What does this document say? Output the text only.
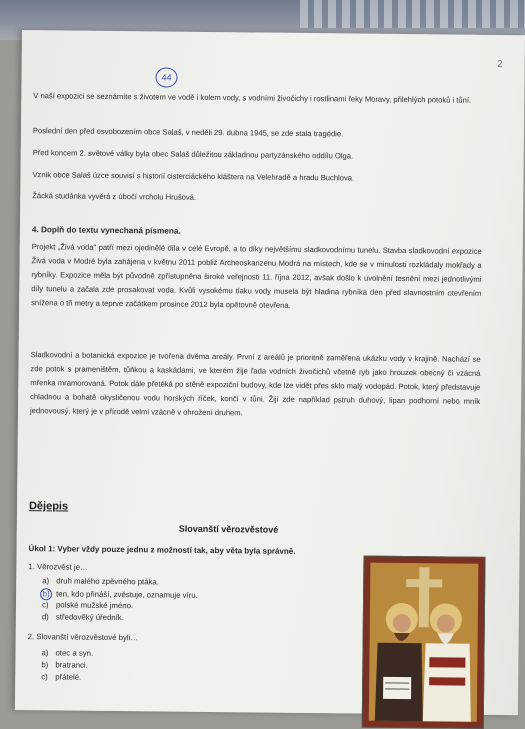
44
2

V naší expozici se seznámíte s životem ve vodě i kolem vody, s vodními živočichy i rostlinami řeky Moravy, přilehlých potoků i tůní.

Poslední den před osvobozením obce Salaš, v neděli 29. dubna 1945, se zde stala tragédie.

Před koncem 2. světové války byla obec Salaš důležitou základnou partyzánského oddílu Olga.

Vznik obce Salaš úzce souvisí s historií cisterciáckého kláštera na Velehradě a hradu Buchlova.

Žácká studánka vyvěrá z úbočí vrcholu Hrušová.

4. Doplň do textu vynechaná písmena.

Projekt „Živá voda" patří mezi ojedinělé díla v celé Evropě, a to díky největšímu sladkovodnímu tunelu. Stavba sladkovodní expozice Živá voda v Modré byla zahájena v květnu 2011 pobliž Archeoskanzenu Modrá na místech, kde se v minulosti rozkládaly mokřady a rybníky. Expozice měla být původně zpřístupněna široké veřejnosti 11. října 2012, avšak došlo k uvolnění tesnění mezi jednotlivými díly tunelu a začala zde prosakovat voda. Kvůli vysokému tlaku vody musela být hladina rybníka den před slavnostním otevřením snížena o tři metry a teprve začátkem prosince 2012 byla opětovně otevřena.

Sladkovodní a botanická expozice je tvořena dvěma areály. První z areálů je prioritně zaměřena ukázku vody v krajině. Nachází se zde potok s prameništěm, tůňkou a kaskádami, ve kterém žije řada vodních živočichů včetně ryb jako hrouzek obecný či vzácná mřenka mramorovaná. Potok dále přetéká po stěně expoziční budovy, kde lze vidět přes sklo malý vodopád. Potok, který představuje chladnou a bohatě okysličenou vodu horských říček, končí v tůni. Žijí zde například pstruh duhový, lipan podhorní nebo mník jednovousý, který je v přírodě velmi vzácně v ohrožení druhem.

Dějepis
Slovanští věrozvěstové
Úkol 1: Vyber vždy pouze jednu z možností tak, aby věta byla správně.
1. Věrozvěst je…
a) druh malého zpěvného ptáka.
b) ten, kdo přináší, zvěstuje, oznamuje víru.
c) polské mužské jméno.
d) středověký úředník.
2. Slovanští věrozvěstové byli…
a) otec a syn.
b) bratranci.
c) přátelé.
